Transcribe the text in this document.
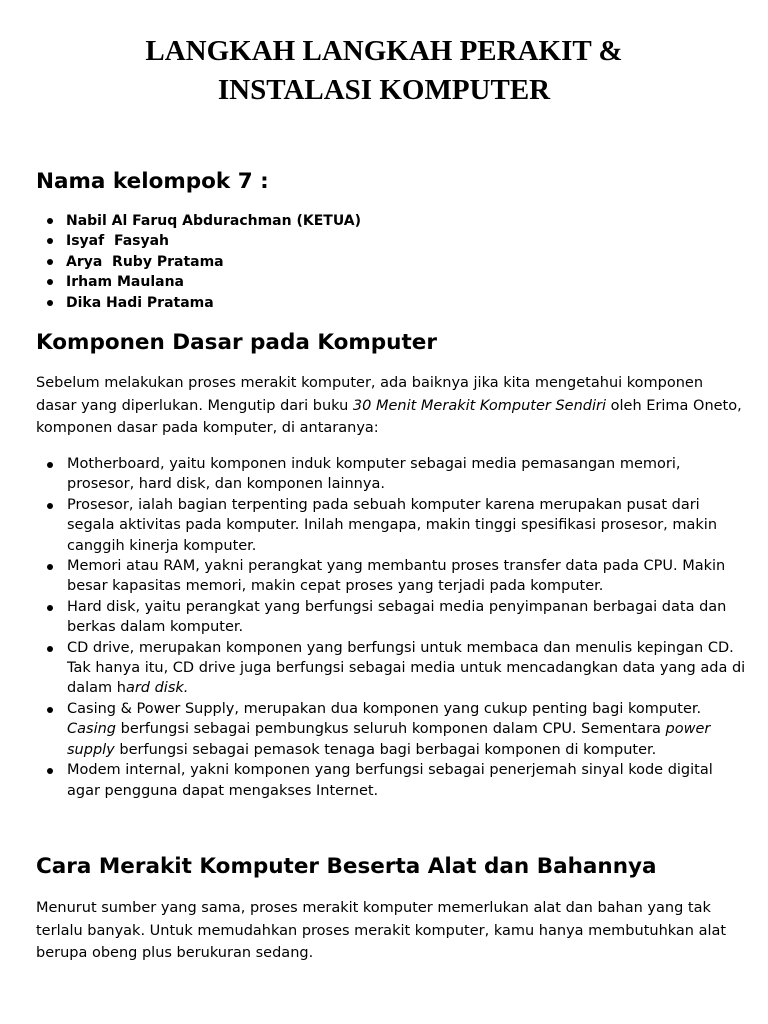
LANGKAH LANGKAH PERAKIT &
INSTALASI KOMPUTER
Nama kelompok 7 :
Nabil Al Faruq Abdurachman (KETUA)
Isyaf  Fasyah
Arya  Ruby Pratama
Irham Maulana
Dika Hadi Pratama
Komponen Dasar pada Komputer

Sebelum melakukan proses merakit komputer, ada baiknya jika kita mengetahui komponen
dasar yang diperlukan. Mengutip dari buku 30 Menit Merakit Komputer Sendiri oleh Erima Oneto,
komponen dasar pada komputer, di antaranya:

Motherboard, yaitu komponen induk komputer sebagai media pemasangan memori,
prosesor, hard disk, dan komponen lainnya.
Prosesor, ialah bagian terpenting pada sebuah komputer karena merupakan pusat dari
segala aktivitas pada komputer. Inilah mengapa, makin tinggi spesifikasi prosesor, makin
canggih kinerja komputer.
Memori atau RAM, yakni perangkat yang membantu proses transfer data pada CPU. Makin
besar kapasitas memori, makin cepat proses yang terjadi pada komputer.
Hard disk, yaitu perangkat yang berfungsi sebagai media penyimpanan berbagai data dan
berkas dalam komputer.
CD drive, merupakan komponen yang berfungsi untuk membaca dan menulis kepingan CD.
Tak hanya itu, CD drive juga berfungsi sebagai media untuk mencadangkan data yang ada di
dalam hard disk.
Casing & Power Supply, merupakan dua komponen yang cukup penting bagi komputer.
Casing berfungsi sebagai pembungkus seluruh komponen dalam CPU. Sementara power
supply berfungsi sebagai pemasok tenaga bagi berbagai komponen di komputer.
Modem internal, yakni komponen yang berfungsi sebagai penerjemah sinyal kode digital
agar pengguna dapat mengakses Internet.
Cara Merakit Komputer Beserta Alat dan Bahannya

Menurut sumber yang sama, proses merakit komputer memerlukan alat dan bahan yang tak
terlalu banyak. Untuk memudahkan proses merakit komputer, kamu hanya membutuhkan alat
berupa obeng plus berukuran sedang.
